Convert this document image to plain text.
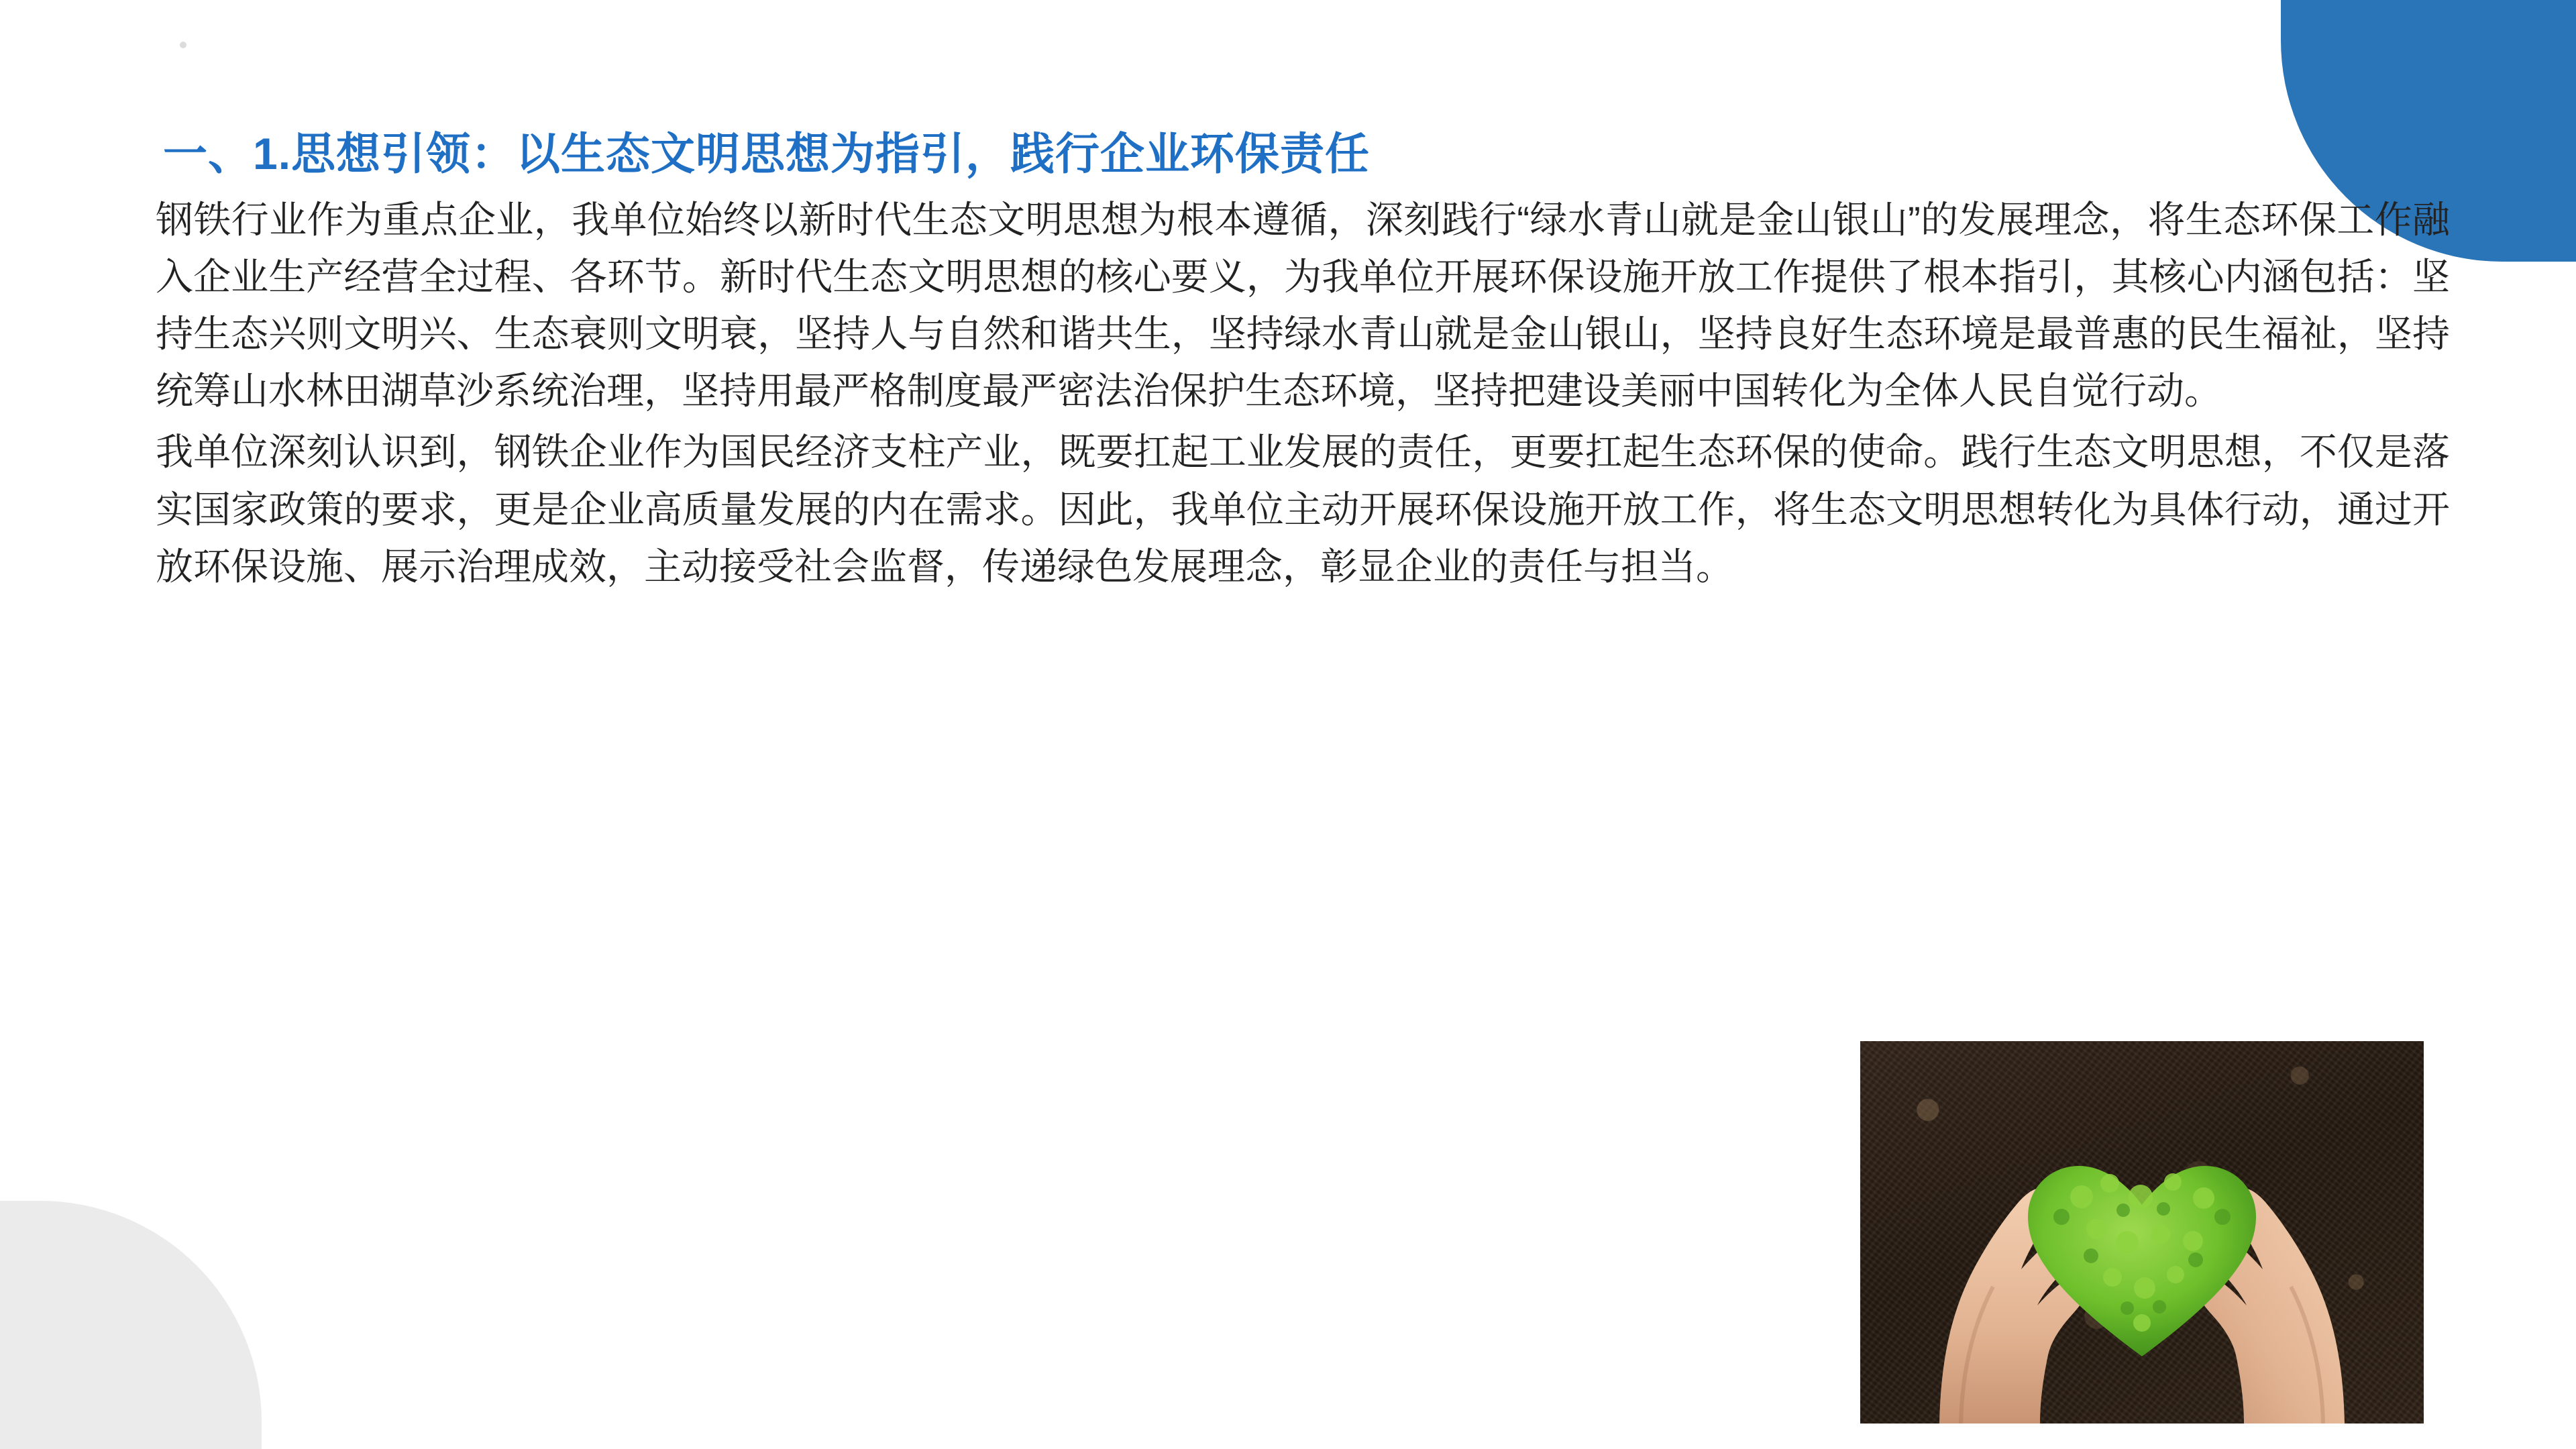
一、1.思想引领：以生态文明思想为指引，践行企业环保责任

钢铁行业作为重点企业，我单位始终以新时代生态文明思想为根本遵循，深刻践行“绿水青山就是金山银山”的发展理念，将生态环保工作融入企业生产经营全过程、各环节。新时代生态文明思想的核心要义，为我单位开展环保设施开放工作提供了根本指引，其核心内涵包括：坚持生态兴则文明兴、生态衰则文明衰，坚持人与自然和谐共生，坚持绿水青山就是金山银山，坚持良好生态环境是最普惠的民生福祉，坚持统筹山水林田湖草沙系统治理，坚持用最严格制度最严密法治保护生态环境，坚持把建设美丽中国转化为全体人民自觉行动。

我单位深刻认识到，钢铁企业作为国民经济支柱产业，既要扛起工业发展的责任，更要扛起生态环保的使命。践行生态文明思想，不仅是落实国家政策的要求，更是企业高质量发展的内在需求。因此，我单位主动开展环保设施开放工作，将生态文明思想转化为具体行动，通过开放环保设施、展示治理成效，主动接受社会监督，传递绿色发展理念，彰显企业的责任与担当。
